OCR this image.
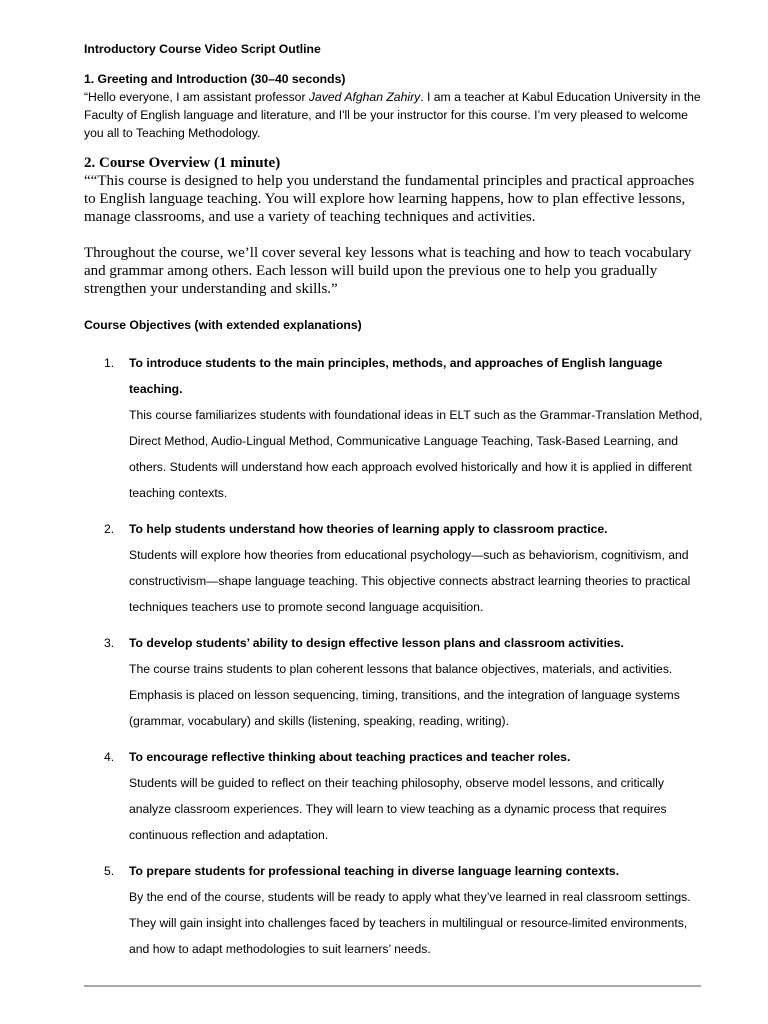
Introductory Course Video Script Outline

1. Greeting and Introduction (30–40 seconds)

“Hello everyone, I am assistant professor Javed Afghan Zahiry. I am a teacher at Kabul Education University in the Faculty of English language and literature, and I'll be your instructor for this course. I’m very pleased to welcome you all to Teaching Methodology.

2. Course Overview (1 minute)

““This course is designed to help you understand the fundamental principles and practical approaches to English language teaching. You will explore how learning happens, how to plan effective lessons, manage classrooms, and use a variety of teaching techniques and activities.

Throughout the course, we’ll cover several key lessons what is teaching and how to teach vocabulary and grammar among others. Each lesson will build upon the previous one to help you gradually strengthen your understanding and skills.”

Course Objectives (with extended explanations)

1. To introduce students to the main principles, methods, and approaches of English language teaching.

This course familiarizes students with foundational ideas in ELT such as the Grammar-Translation Method, Direct Method, Audio-Lingual Method, Communicative Language Teaching, Task-Based Learning, and others. Students will understand how each approach evolved historically and how it is applied in different teaching contexts.

2. To help students understand how theories of learning apply to classroom practice.

Students will explore how theories from educational psychology—such as behaviorism, cognitivism, and constructivism—shape language teaching. This objective connects abstract learning theories to practical techniques teachers use to promote second language acquisition.

3. To develop students’ ability to design effective lesson plans and classroom activities.

The course trains students to plan coherent lessons that balance objectives, materials, and activities. Emphasis is placed on lesson sequencing, timing, transitions, and the integration of language systems (grammar, vocabulary) and skills (listening, speaking, reading, writing).

4. To encourage reflective thinking about teaching practices and teacher roles.

Students will be guided to reflect on their teaching philosophy, observe model lessons, and critically analyze classroom experiences. They will learn to view teaching as a dynamic process that requires continuous reflection and adaptation.

5. To prepare students for professional teaching in diverse language learning contexts.

By the end of the course, students will be ready to apply what they’ve learned in real classroom settings. They will gain insight into challenges faced by teachers in multilingual or resource-limited environments, and how to adapt methodologies to suit learners’ needs.
